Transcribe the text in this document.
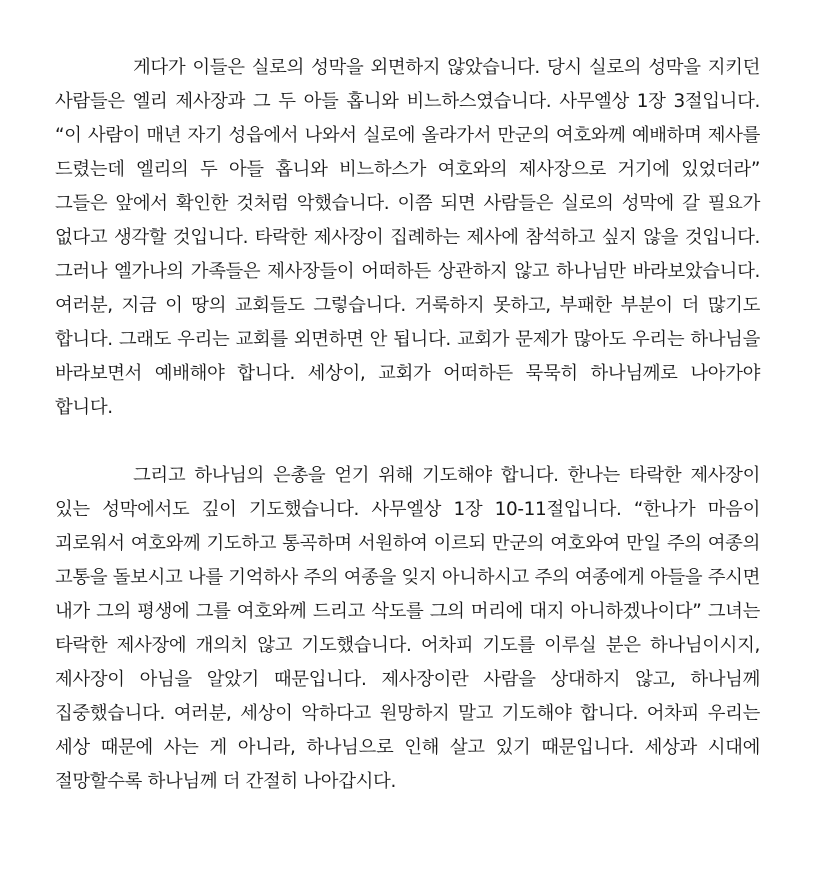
게다가 이들은 실로의 성막을 외면하지 않았습니다. 당시 실로의 성막을 지키던 사람들은 엘리 제사장과 그 두 아들 홉니와 비느하스였습니다. 사무엘상 1장 3절입니다. “이 사람이 매년 자기 성읍에서 나와서 실로에 올라가서 만군의 여호와께 예배하며 제사를 드렸는데 엘리의 두 아들 홉니와 비느하스가 여호와의 제사장으로 거기에 있었더라” 그들은 앞에서 확인한 것처럼 악했습니다. 이쯤 되면 사람들은 실로의 성막에 갈 필요가 없다고 생각할 것입니다. 타락한 제사장이 집례하는 제사에 참석하고 싶지 않을 것입니다. 그러나 엘가나의 가족들은 제사장들이 어떠하든 상관하지 않고 하나님만 바라보았습니다. 여러분, 지금 이 땅의 교회들도 그렇습니다. 거룩하지 못하고, 부패한 부분이 더 많기도 합니다. 그래도 우리는 교회를 외면하면 안 됩니다. 교회가 문제가 많아도 우리는 하나님을 바라보면서 예배해야 합니다. 세상이, 교회가 어떠하든 묵묵히 하나님께로 나아가야 합니다.

그리고 하나님의 은총을 얻기 위해 기도해야 합니다. 한나는 타락한 제사장이 있는 성막에서도 깊이 기도했습니다. 사무엘상 1장 10-11절입니다. “한나가 마음이 괴로워서 여호와께 기도하고 통곡하며 서원하여 이르되 만군의 여호와여 만일 주의 여종의 고통을 돌보시고 나를 기억하사 주의 여종을 잊지 아니하시고 주의 여종에게 아들을 주시면 내가 그의 평생에 그를 여호와께 드리고 삭도를 그의 머리에 대지 아니하겠나이다” 그녀는 타락한 제사장에 개의치 않고 기도했습니다. 어차피 기도를 이루실 분은 하나님이시지, 제사장이 아님을 알았기 때문입니다. 제사장이란 사람을 상대하지 않고, 하나님께 집중했습니다. 여러분, 세상이 악하다고 원망하지 말고 기도해야 합니다. 어차피 우리는 세상 때문에 사는 게 아니라, 하나님으로 인해 살고 있기 때문입니다. 세상과 시대에 절망할수록 하나님께 더 간절히 나아갑시다.
